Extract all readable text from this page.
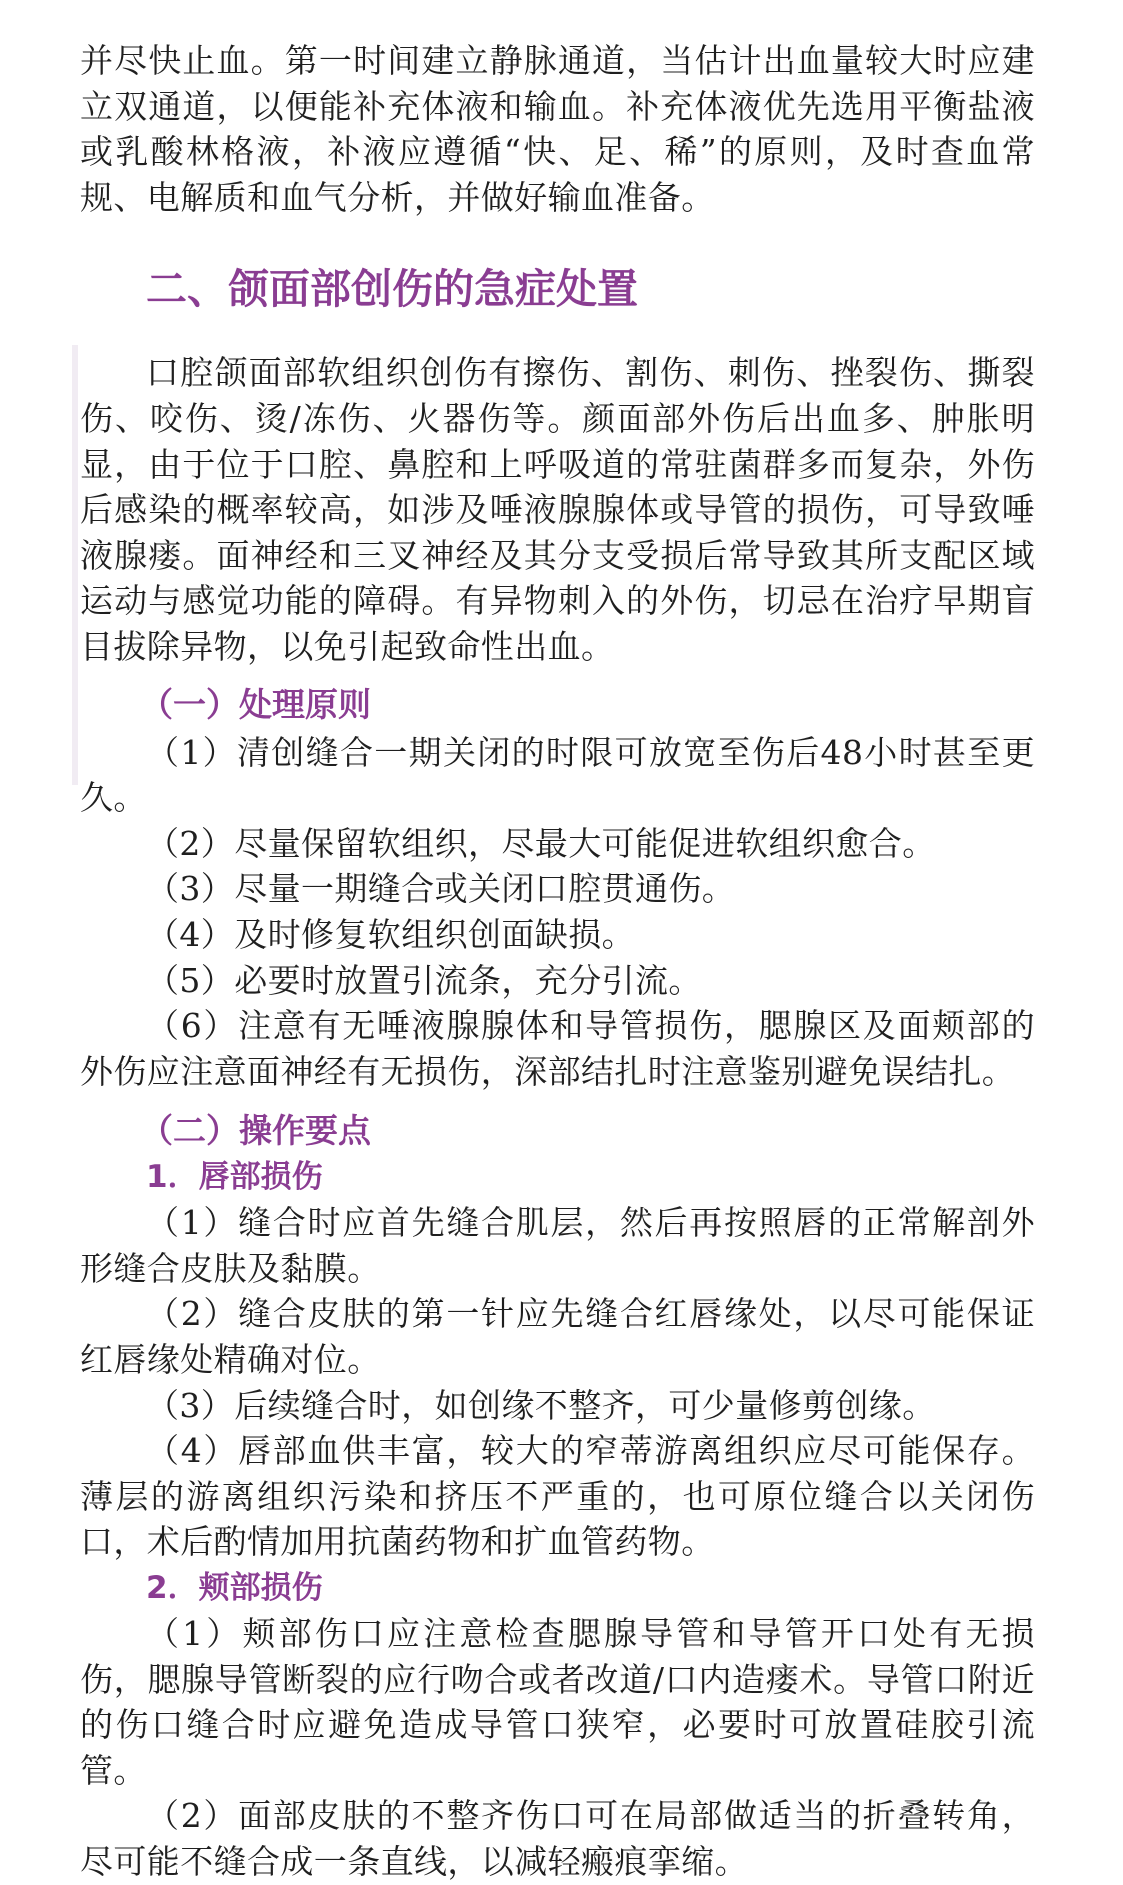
并尽快止血。第一时间建立静脉通道，当估计出血量较大时应建立双通道，以便能补充体液和输血。补充体液优先选用平衡盐液或乳酸林格液，补液应遵循“快、足、稀”的原则，及时查血常规、电解质和血气分析，并做好输血准备。

二、颌面部创伤的急症处置

口腔颌面部软组织创伤有擦伤、割伤、刺伤、挫裂伤、撕裂伤、咬伤、烫/冻伤、火器伤等。颜面部外伤后出血多、肿胀明显，由于位于口腔、鼻腔和上呼吸道的常驻菌群多而复杂，外伤后感染的概率较高，如涉及唾液腺腺体或导管的损伤，可导致唾液腺瘘。面神经和三叉神经及其分支受损后常导致其所支配区域运动与感觉功能的障碍。有异物刺入的外伤，切忌在治疗早期盲目拔除异物，以免引起致命性出血。

（一）处理原则

（1）清创缝合一期关闭的时限可放宽至伤后48小时甚至更久。

（2）尽量保留软组织，尽最大可能促进软组织愈合。

（3）尽量一期缝合或关闭口腔贯通伤。

（4）及时修复软组织创面缺损。

（5）必要时放置引流条，充分引流。

（6）注意有无唾液腺腺体和导管损伤，腮腺区及面颊部的外伤应注意面神经有无损伤，深部结扎时注意鉴别避免误结扎。

（二）操作要点
1．唇部损伤

（1）缝合时应首先缝合肌层，然后再按照唇的正常解剖外形缝合皮肤及黏膜。

（2）缝合皮肤的第一针应先缝合红唇缘处，以尽可能保证红唇缘处精确对位。

（3）后续缝合时，如创缘不整齐，可少量修剪创缘。

（4）唇部血供丰富，较大的窄蒂游离组织应尽可能保存。薄层的游离组织污染和挤压不严重的，也可原位缝合以关闭伤口，术后酌情加用抗菌药物和扩血管药物。

2．颊部损伤

（1）颊部伤口应注意检查腮腺导管和导管开口处有无损伤，腮腺导管断裂的应行吻合或者改道/口内造瘘术。导管口附近的伤口缝合时应避免造成导管口狭窄，必要时可放置硅胶引流管。

（2）面部皮肤的不整齐伤口可在局部做适当的折叠转角，尽可能不缝合成一条直线，以减轻瘢痕挛缩。
